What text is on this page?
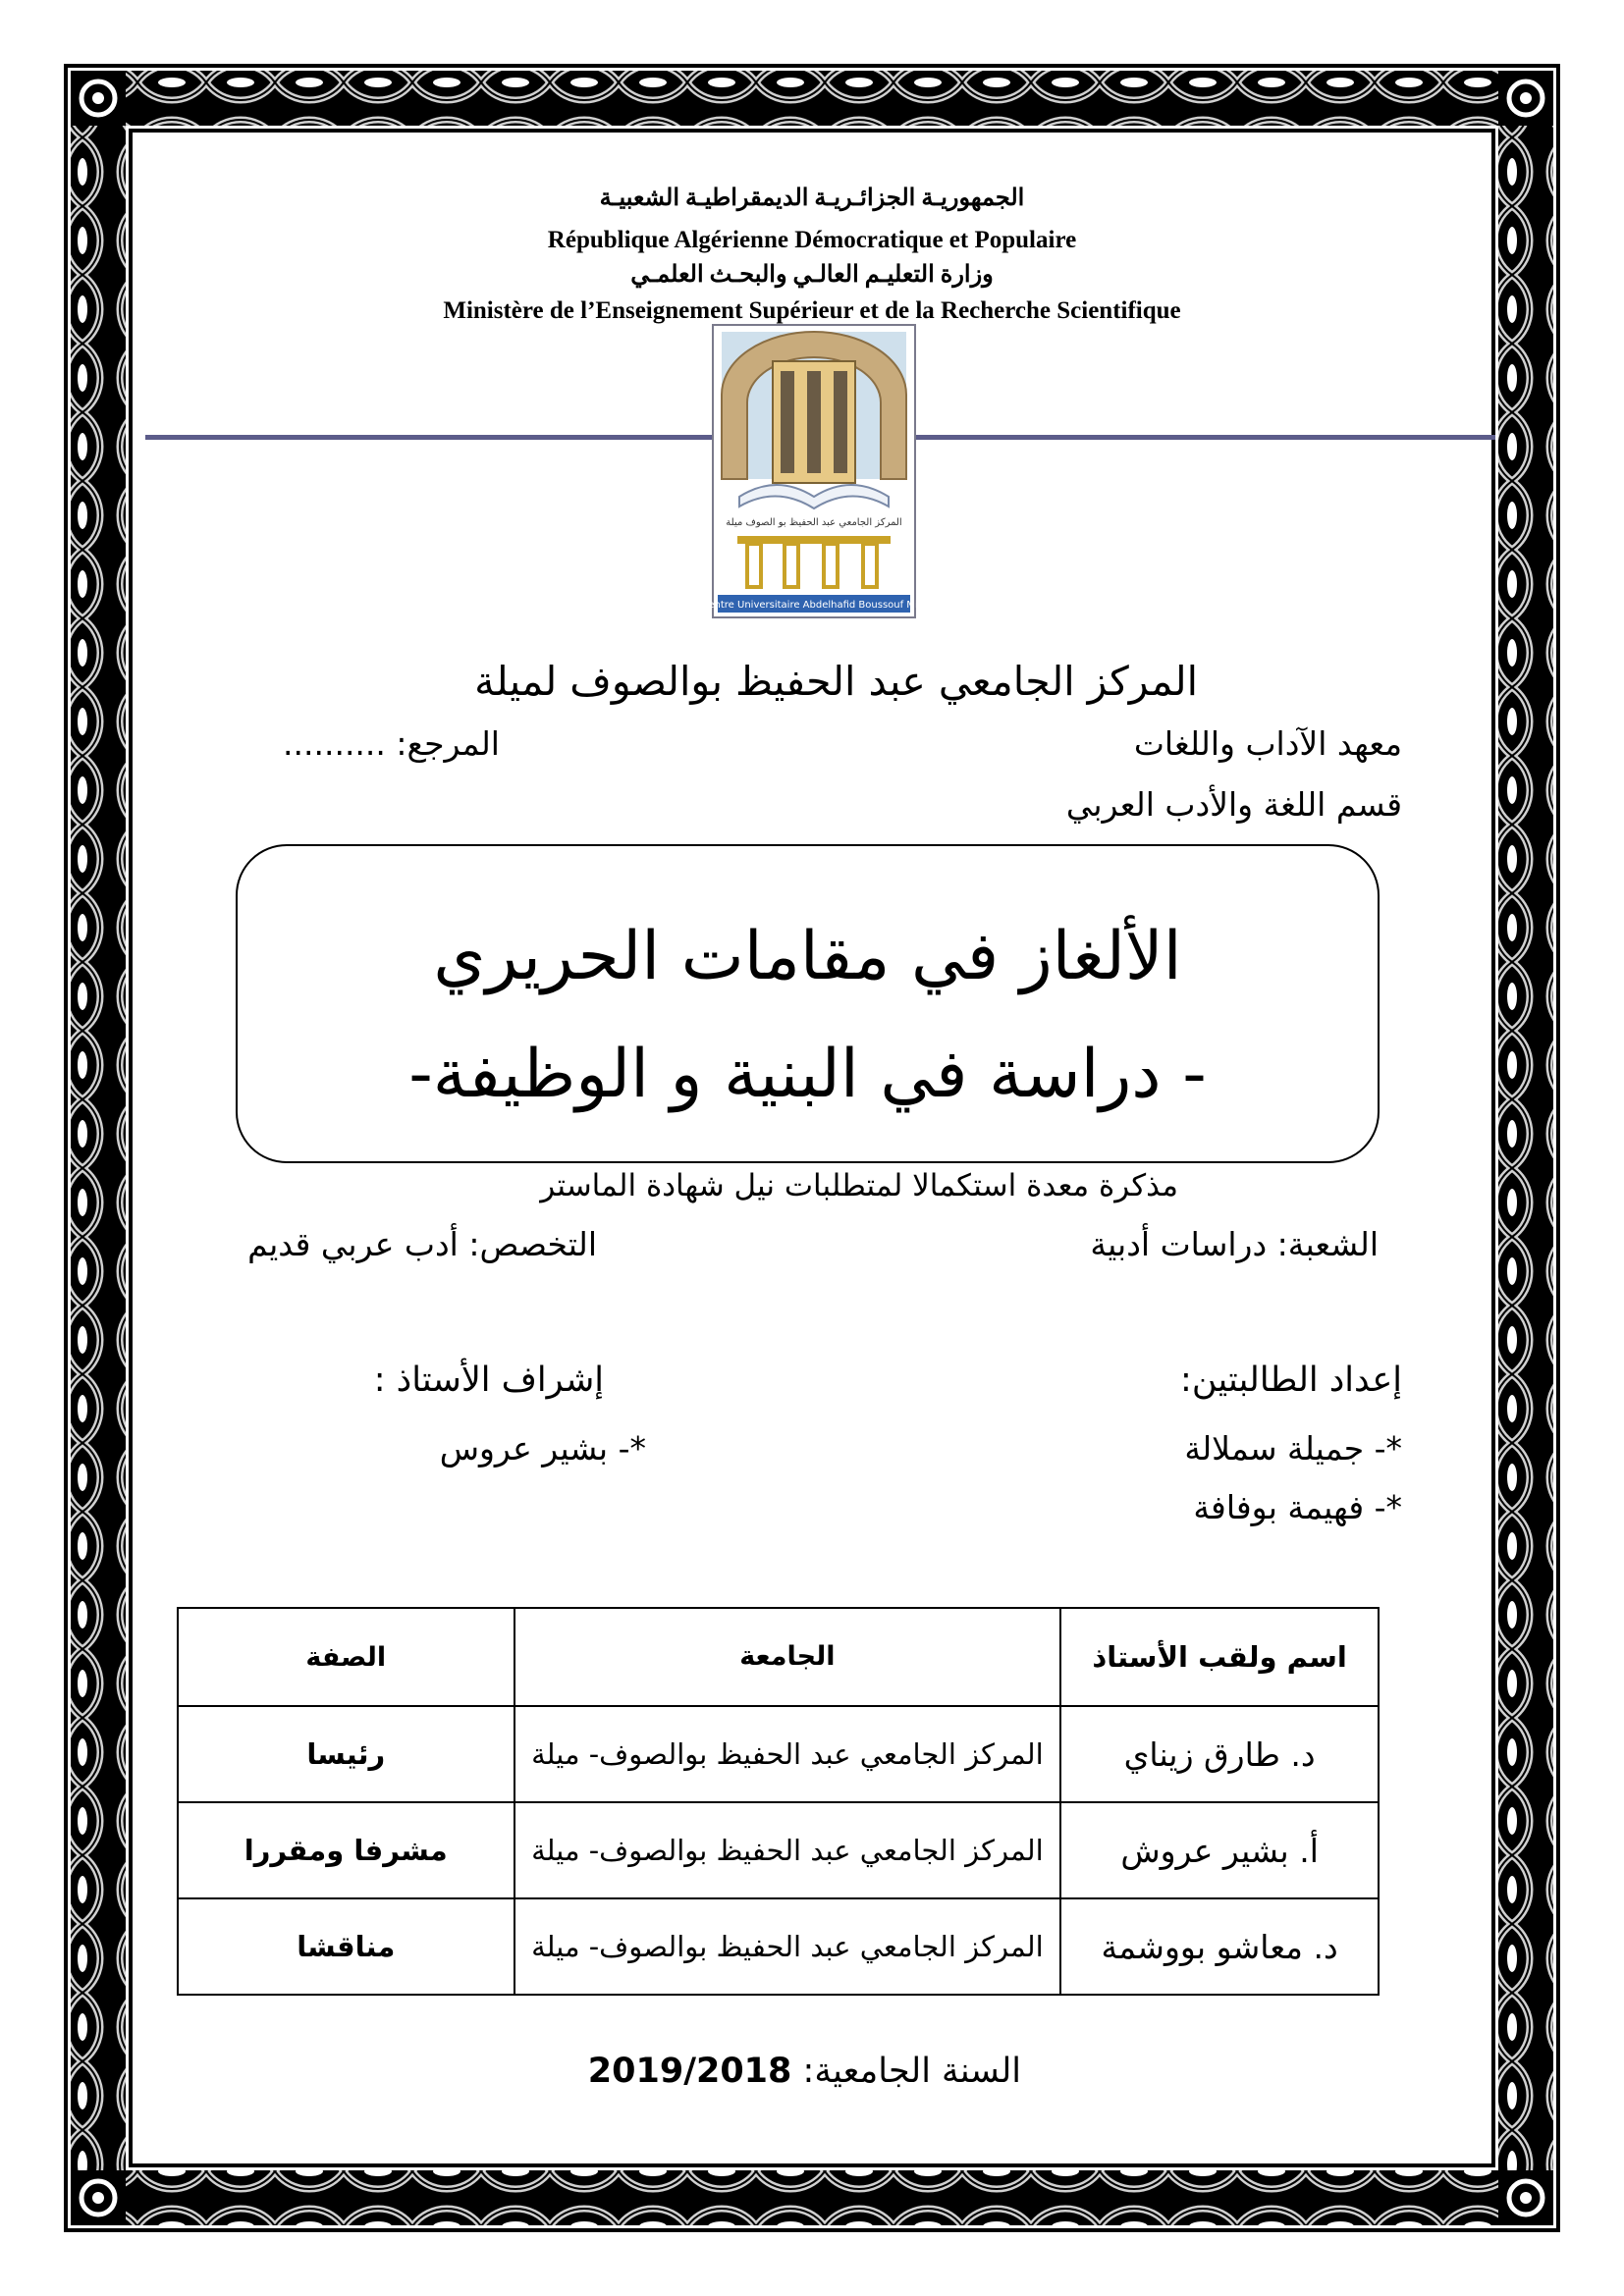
الجمهوريـة الجزائـريـة الديمقراطيـة الشعبيـة
République Algérienne Démocratique et Populaire
وزارة التعليـم العالـي والبحـث العلمـي
Ministère de l’Enseignement Supérieur et de la Recherche Scientifique
المركز الجامعي عبد الحفيظ بو الصوف ميلة
Centre Universitaire Abdelhafid Boussouf Mila
المركز الجامعي عبد الحفيظ بوالصوف لميلة
معهد الآداب واللغات
المرجع: ..........
قسم اللغة والأدب العربي
الألغاز في مقامات الحريري
- دراسة في البنية و الوظيفة-
مذكرة معدة استكمالا لمتطلبات نيل شهادة الماستر
الشعبة: دراسات أدبية
التخصص: أدب عربي قديم
إعداد الطالبتين:
إشراف الأستاذ :
*- جميلة سملالة
*- بشير عروس
*- فهيمة بوفافة
اسم ولقب الأستاذ	الجامعة	الصفة
د. طارق زيناي	المركز الجامعي عبد الحفيظ بوالصوف- ميلة	رئيسا
أ. بشير عروش	المركز الجامعي عبد الحفيظ بوالصوف- ميلة	مشرفا ومقررا
د. معاشو بووشمة	المركز الجامعي عبد الحفيظ بوالصوف- ميلة	مناقشا
السنة الجامعية: 2019/2018
